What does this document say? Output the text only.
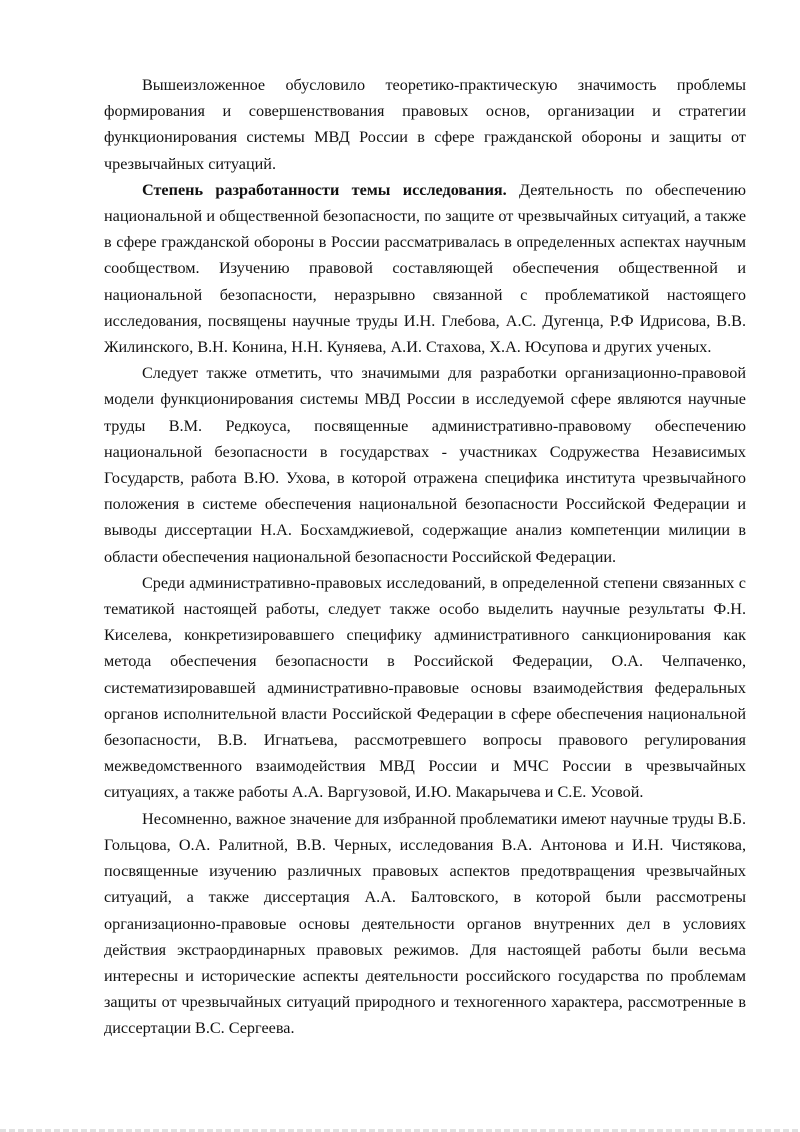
Вышеизложенное обусловило теоретико-практическую значимость проблемы формирования и совершенствования правовых основ, организации и стратегии функционирования системы МВД России в сфере гражданской обороны и защиты от чрезвычайных ситуаций.

Степень разработанности темы исследования. Деятельность по обеспечению национальной и общественной безопасности, по защите от чрезвычайных ситуаций, а также в сфере гражданской обороны в России рассматривалась в определенных аспектах научным сообществом. Изучению правовой составляющей обеспечения общественной и национальной безопасности, неразрывно связанной с проблематикой настоящего исследования, посвящены научные труды И.Н. Глебова, А.С. Дугенца, Р.Ф Идрисова, В.В. Жилинского, В.Н. Конина, Н.Н. Куняева, А.И. Стахова, Х.А. Юсупова и других ученых.

Следует также отметить, что значимыми для разработки организационно-правовой модели функционирования системы МВД России в исследуемой сфере являются научные труды В.М. Редкоуса, посвященные административно-правовому обеспечению национальной безопасности в государствах - участниках Содружества Независимых Государств, работа В.Ю. Ухова, в которой отражена специфика института чрезвычайного положения в системе обеспечения национальной безопасности Российской Федерации и выводы диссертации Н.А. Босхамджиевой, содержащие анализ компетенции милиции в области обеспечения национальной безопасности Российской Федерации.

Среди административно-правовых исследований, в определенной степени связанных с тематикой настоящей работы, следует также особо выделить научные результаты Ф.Н. Киселева, конкретизировавшего специфику административного санкционирования как метода обеспечения безопасности в Российской Федерации, О.А. Челпаченко, систематизировавшей административно-правовые основы взаимодействия федеральных органов исполнительной власти Российской Федерации в сфере обеспечения национальной безопасности, В.В. Игнатьева, рассмотревшего вопросы правового регулирования межведомственного взаимодействия МВД России и МЧС России в чрезвычайных ситуациях, а также работы А.А. Варгузовой, И.Ю. Макарычева и С.Е. Усовой.

Несомненно, важное значение для избранной проблематики имеют научные труды В.Б. Гольцова, О.А. Ралитной, В.В. Черных, исследования В.А. Антонова и И.Н. Чистякова, посвященные изучению различных правовых аспектов предотвращения чрезвычайных ситуаций, а также диссертация А.А. Балтовского, в которой были рассмотрены организационно-правовые основы деятельности органов внутренних дел в условиях действия экстраординарных правовых режимов. Для настоящей работы были весьма интересны и исторические аспекты деятельности российского государства по проблемам защиты от чрезвычайных ситуаций природного и техногенного характера, рассмотренные в диссертации В.С. Сергеева.
